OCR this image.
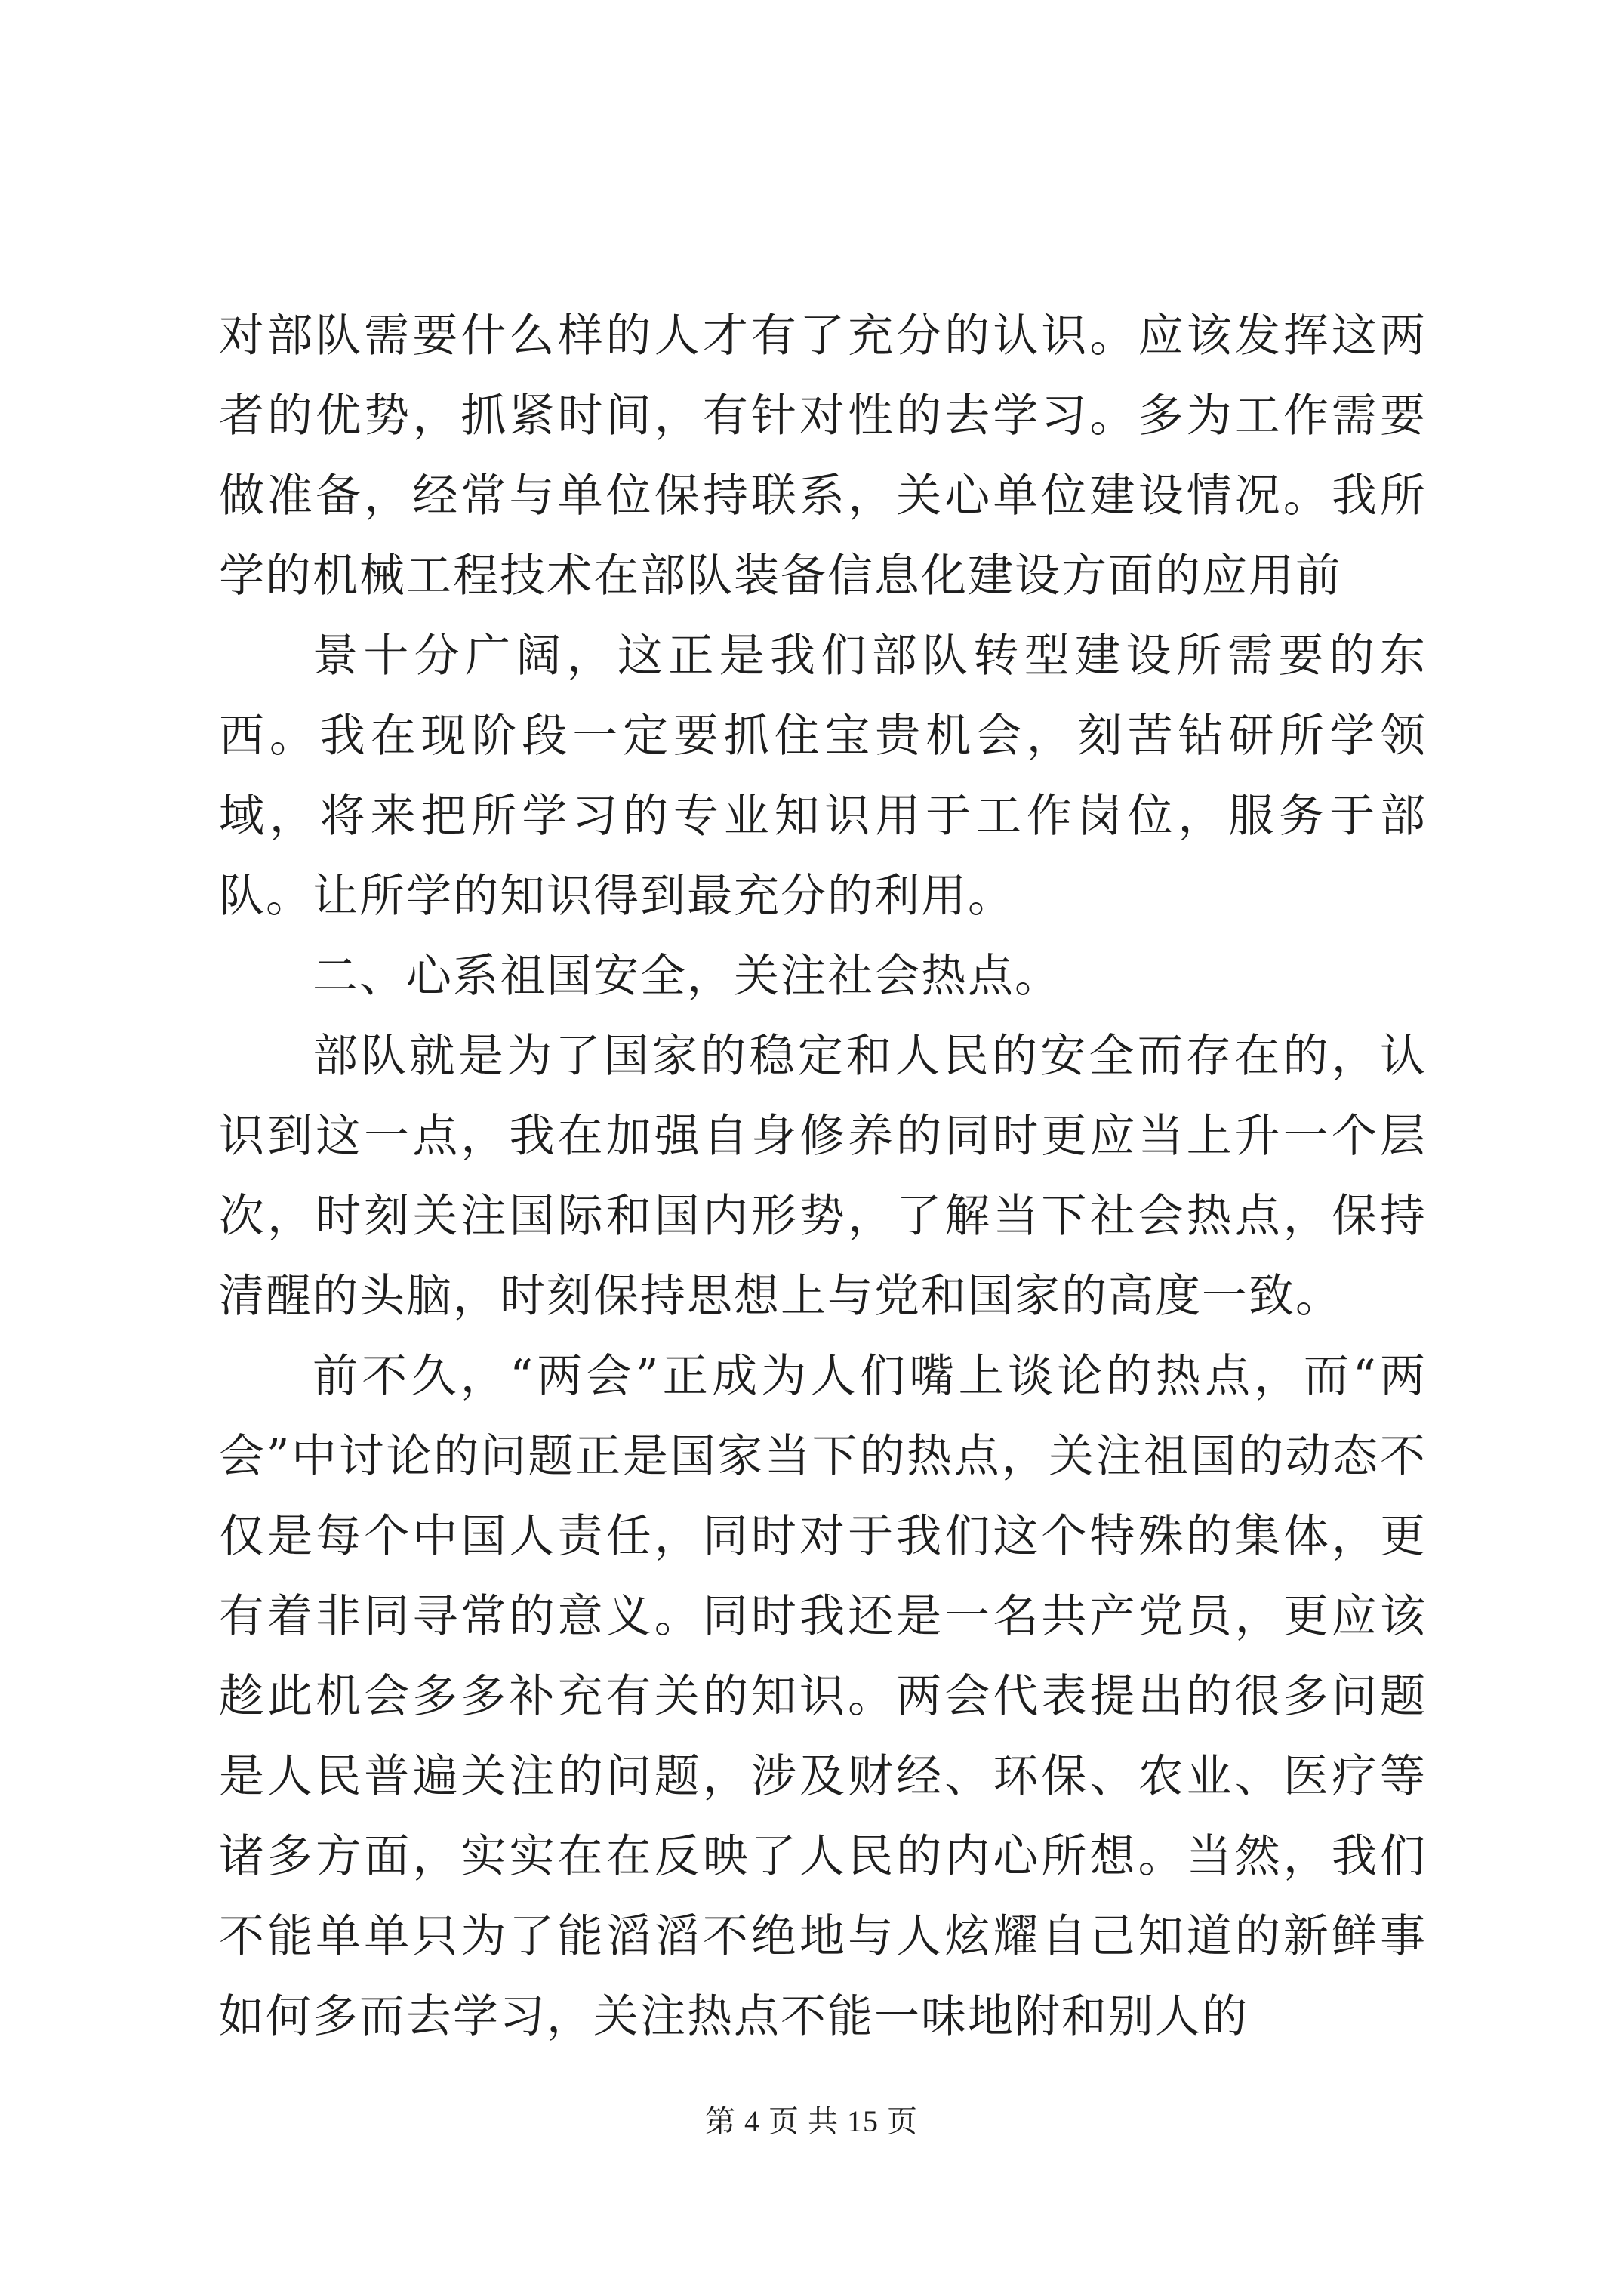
对部队需要什么样的人才有了充分的认识。应该发挥这两者的优势，抓紧时间，有针对性的去学习。多为工作需要做准备，经常与单位保持联系，关心单位建设情况。我所学的机械工程技术在部队装备信息化建设方面的应用前

景十分广阔，这正是我们部队转型建设所需要的东西。我在现阶段一定要抓住宝贵机会，刻苦钻研所学领域，将来把所学习的专业知识用于工作岗位，服务于部队。让所学的知识得到最充分的利用。

二、心系祖国安全，关注社会热点。

部队就是为了国家的稳定和人民的安全而存在的，认识到这一点，我在加强自身修养的同时更应当上升一个层次，时刻关注国际和国内形势，了解当下社会热点，保持清醒的头脑，时刻保持思想上与党和国家的高度一致。

前不久，“两会”正成为人们嘴上谈论的热点，而“两会”中讨论的问题正是国家当下的热点，关注祖国的动态不仅是每个中国人责任，同时对于我们这个特殊的集体，更有着非同寻常的意义。同时我还是一名共产党员，更应该趁此机会多多补充有关的知识。两会代表提出的很多问题是人民普遍关注的问题，涉及财经、环保、农业、医疗等诸多方面，实实在在反映了人民的内心所想。当然，我们不能单单只为了能滔滔不绝地与人炫耀自己知道的新鲜事如何多而去学习，关注热点不能一味地附和别人的

第 4 页 共 15 页
